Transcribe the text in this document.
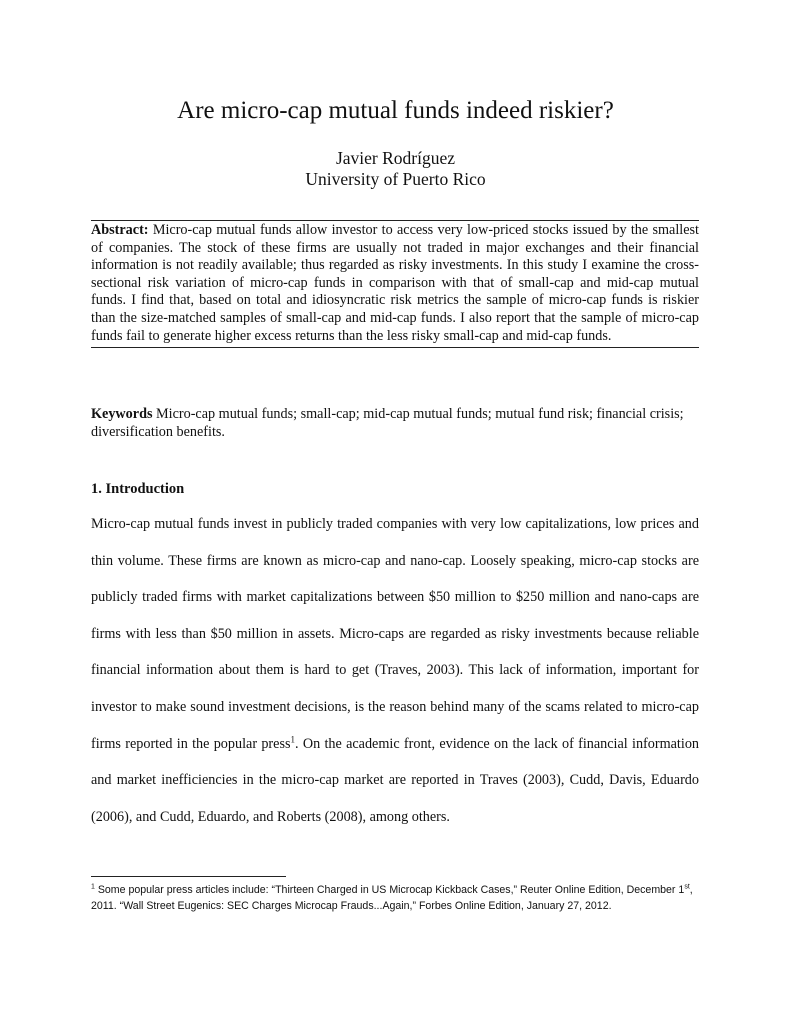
Are micro-cap mutual funds indeed riskier?
Javier Rodríguez
University of Puerto Rico

Abstract: Micro-cap mutual funds allow investor to access very low-priced stocks issued by the smallest of companies. The stock of these firms are usually not traded in major exchanges and their financial information is not readily available; thus regarded as risky investments. In this study I examine the cross-sectional risk variation of micro-cap funds in comparison with that of small-cap and mid-cap mutual funds. I find that, based on total and idiosyncratic risk metrics the sample of micro-cap funds is riskier than the size-matched samples of small-cap and mid-cap funds. I also report that the sample of micro-cap funds fail to generate higher excess returns than the less risky small-cap and mid-cap funds.

Keywords Micro-cap mutual funds; small-cap; mid-cap mutual funds; mutual fund risk; financial crisis; diversification benefits.

1. Introduction

Micro-cap mutual funds invest in publicly traded companies with very low capitalizations, low prices and thin volume. These firms are known as micro-cap and nano-cap. Loosely speaking, micro-cap stocks are publicly traded firms with market capitalizations between $50 million to $250 million and nano-caps are firms with less than $50 million in assets. Micro-caps are regarded as risky investments because reliable financial information about them is hard to get (Traves, 2003). This lack of information, important for investor to make sound investment decisions, is the reason behind many of the scams related to micro-cap firms reported in the popular press$^1$. On the academic front, evidence on the lack of financial information and market inefficiencies in the micro-cap market are reported in Traves (2003), Cudd, Davis, Eduardo (2006), and Cudd, Eduardo, and Roberts (2008), among others.

$^1$ Some popular press articles include: “Thirteen Charged in US Microcap Kickback Cases,” Reuter Online Edition, December 1st, 2011. “Wall Street Eugenics: SEC Charges Microcap Frauds...Again,” Forbes Online Edition, January 27, 2012.
